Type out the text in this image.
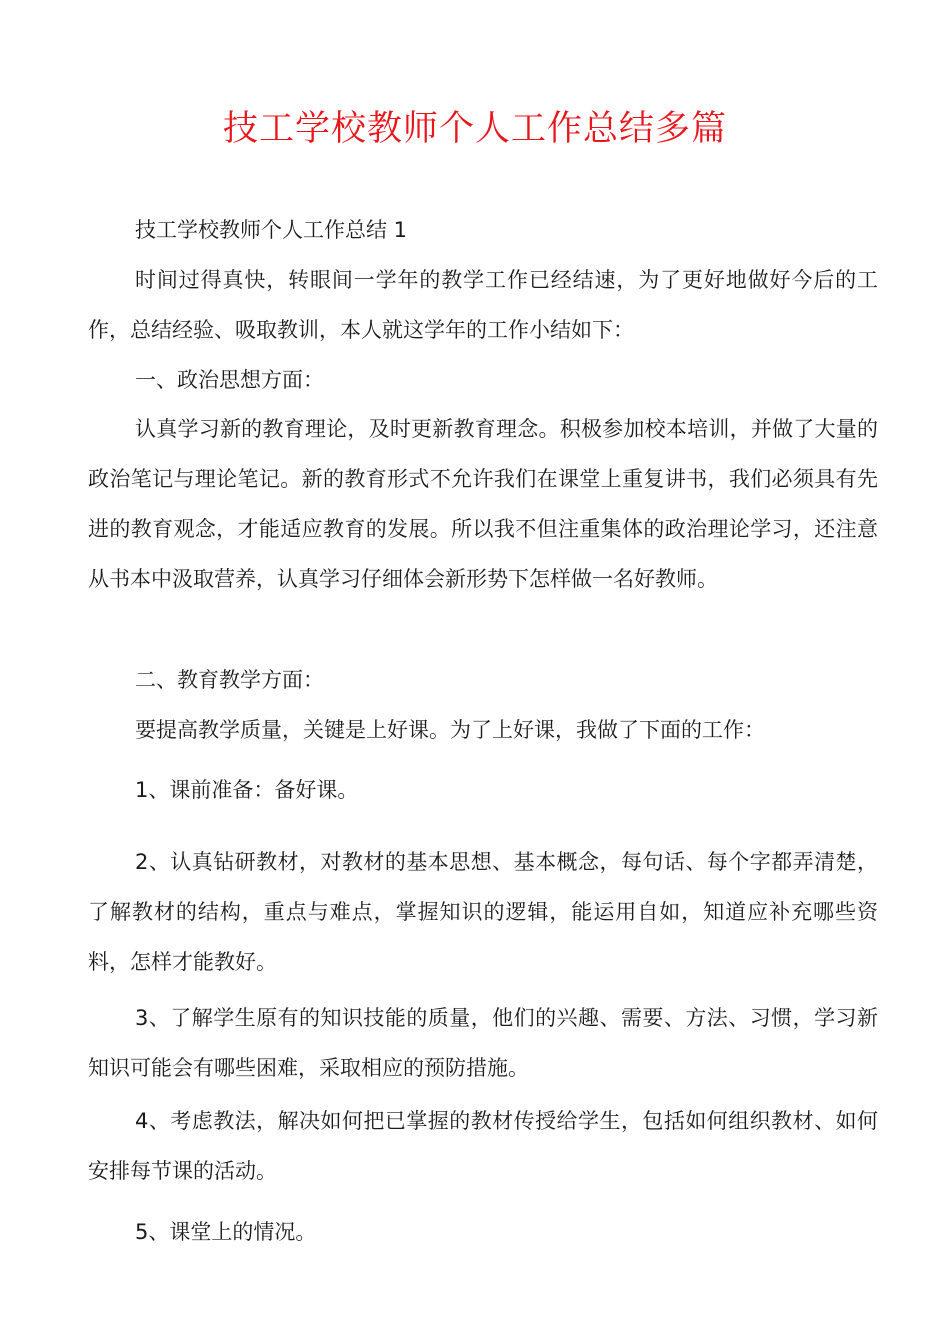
技工学校教师个人工作总结多篇

技工学校教师个人工作总结 1

时间过得真快，转眼间一学年的教学工作已经结速，为了更好地做好今后的工作，总结经验、吸取教训，本人就这学年的工作小结如下：

一、政治思想方面：

认真学习新的教育理论，及时更新教育理念。积极参加校本培训，并做了大量的政治笔记与理论笔记。新的教育形式不允许我们在课堂上重复讲书，我们必须具有先进的教育观念，才能适应教育的发展。所以我不但注重集体的政治理论学习，还注意从书本中汲取营养，认真学习仔细体会新形势下怎样做一名好教师。

二、教育教学方面：

要提高教学质量，关键是上好课。为了上好课，我做了下面的工作：

1、课前准备：备好课。

2、认真钻研教材，对教材的基本思想、基本概念，每句话、每个字都弄清楚，了解教材的结构，重点与难点，掌握知识的逻辑，能运用自如，知道应补充哪些资料，怎样才能教好。

3、了解学生原有的知识技能的质量，他们的兴趣、需要、方法、习惯，学习新知识可能会有哪些困难，采取相应的预防措施。

4、考虑教法，解决如何把已掌握的教材传授给学生，包括如何组织教材、如何安排每节课的活动。

5、课堂上的情况。
